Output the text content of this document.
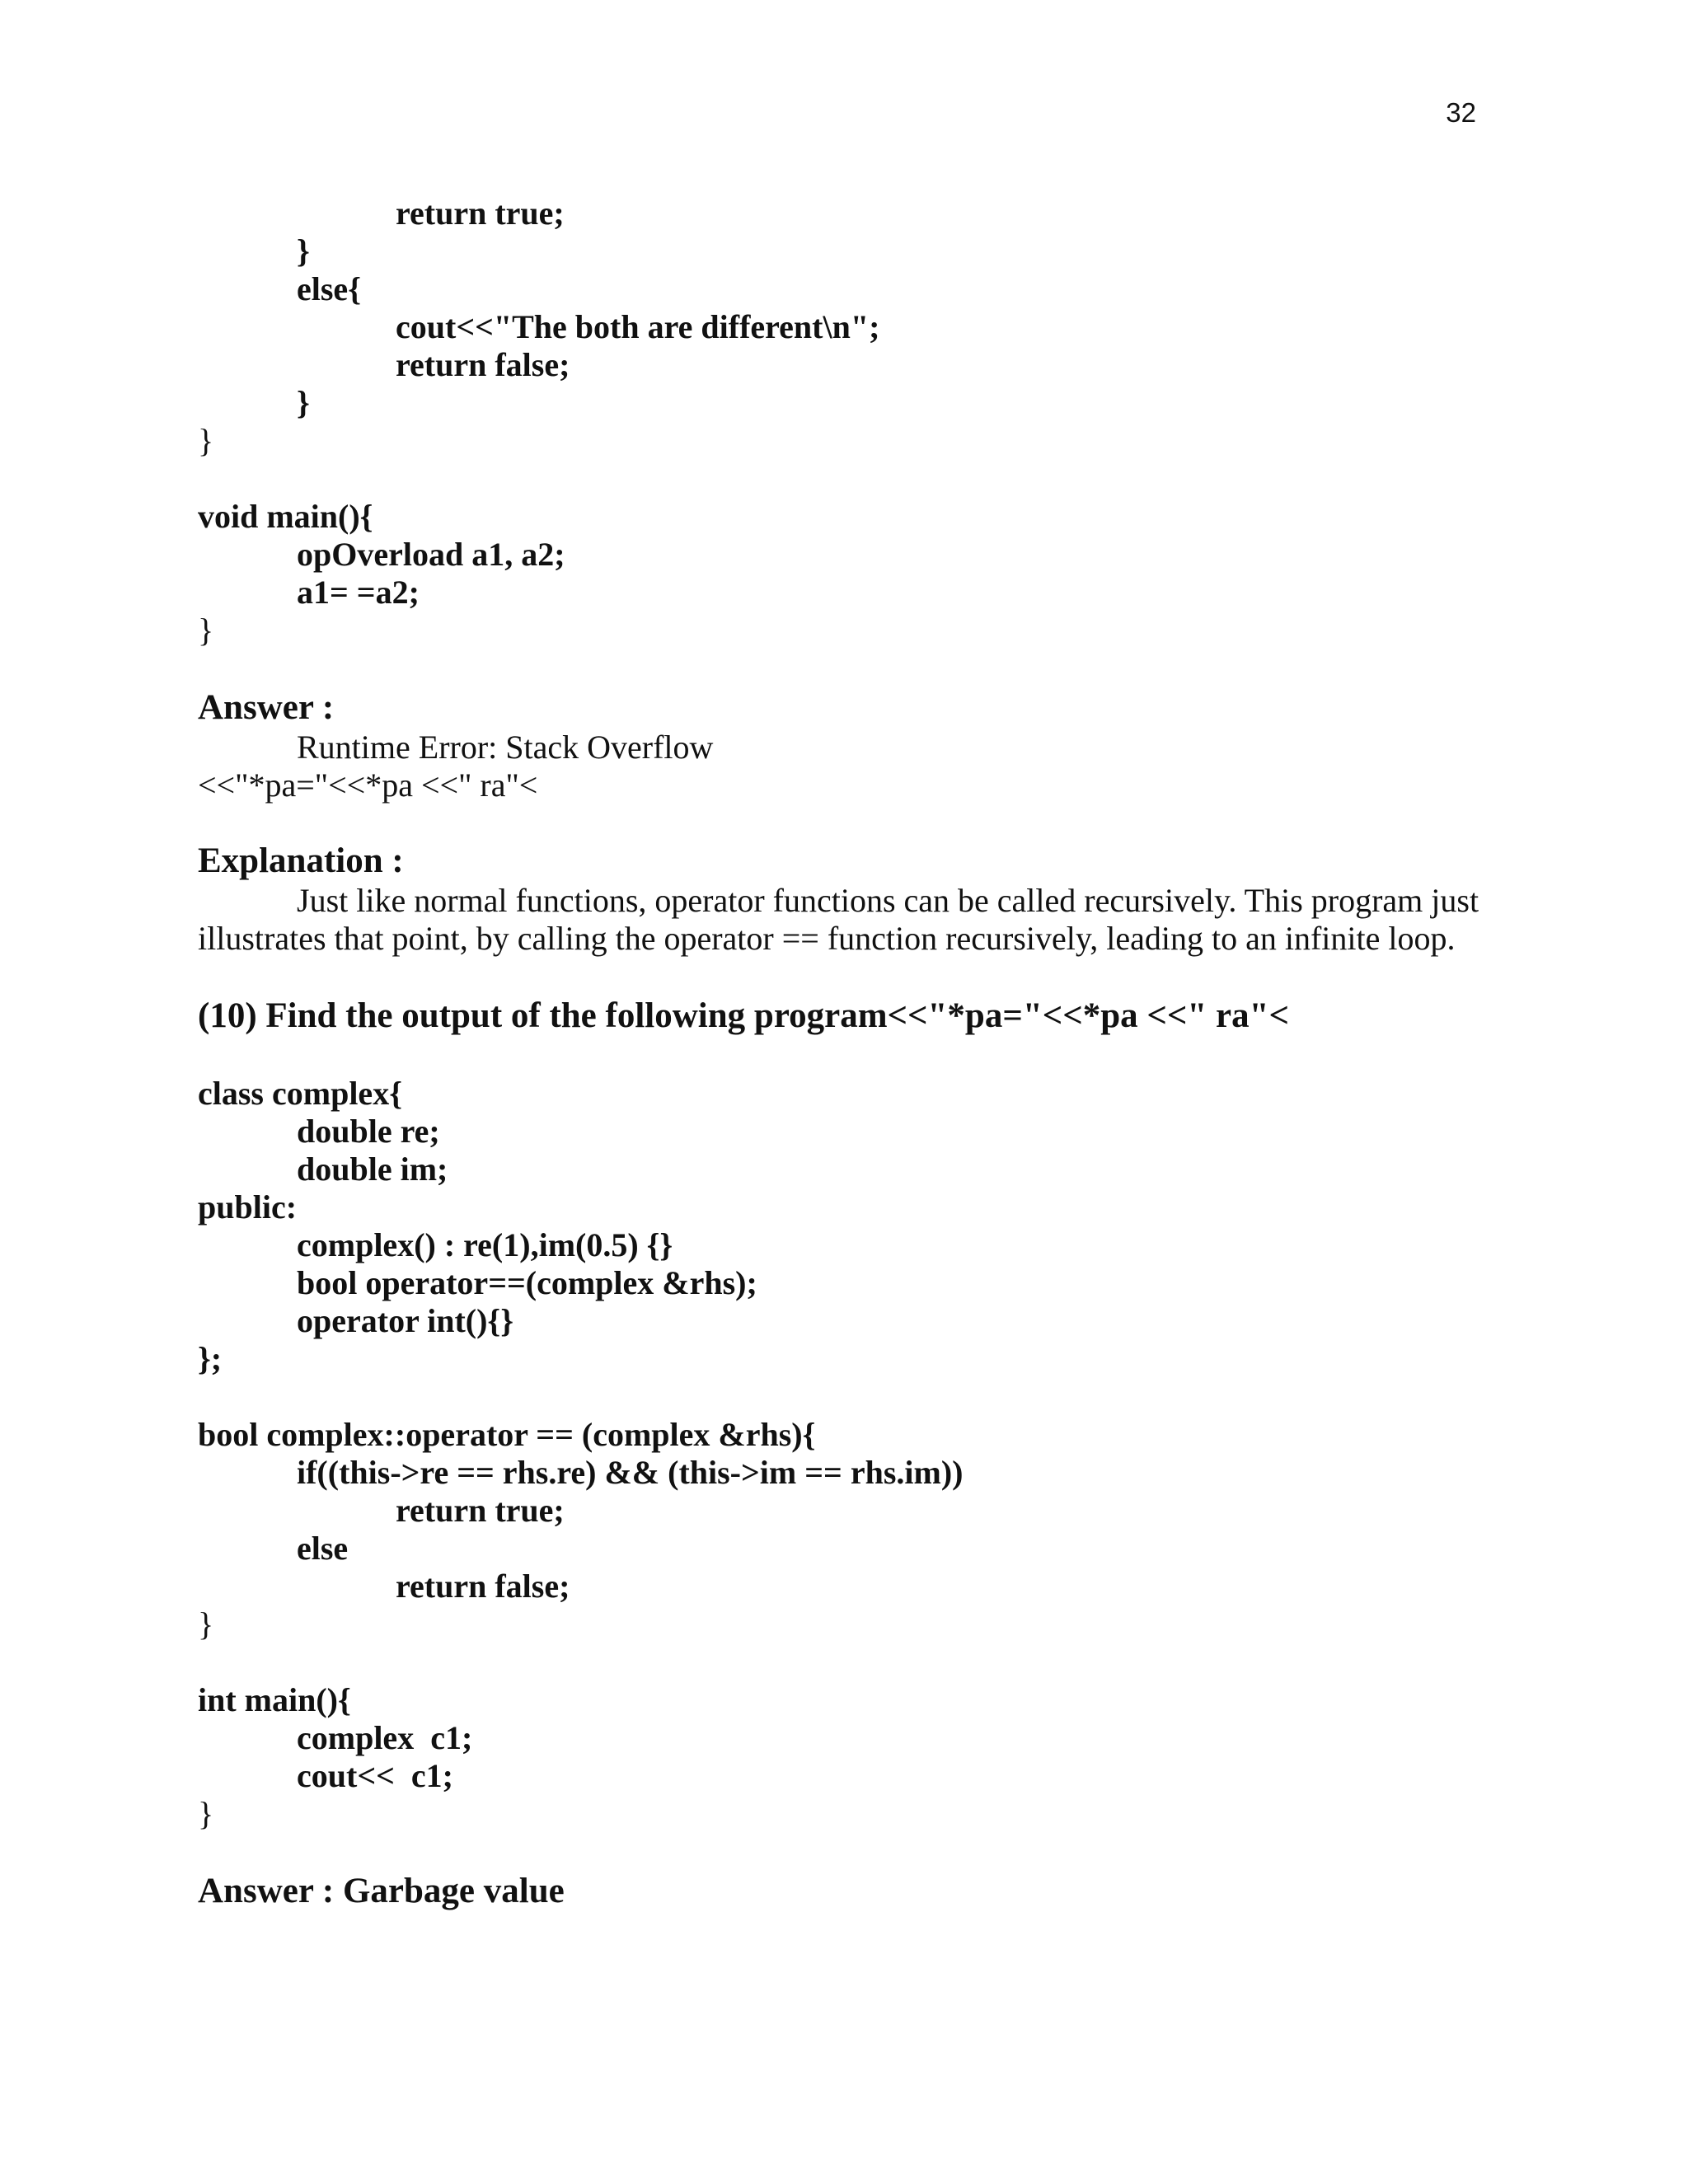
32
return true;
}
else{
cout<<"The both are different\n";
return false;
}
}
void main(){
opOverload a1, a2;
a1= =a2;
}
Answer :
Runtime Error: Stack Overflow
<<"*pa="<<*pa <<" ra"<
Explanation :
Just like normal functions, operator functions can be called recursively. This program just
illustrates that point, by calling the operator == function recursively, leading to an infinite loop.
(10) Find the output of the following program<<"*pa="<<*pa <<" ra"<
class complex{
double re;
double im;
public:
complex() : re(1),im(0.5) {}
bool operator==(complex &rhs);
operator int(){}
};
bool complex::operator == (complex &rhs){
if((this->re == rhs.re) && (this->im == rhs.im))
return true;
else
return false;
}
int main(){
complex  c1;
cout<<  c1;
}
Answer : Garbage value
